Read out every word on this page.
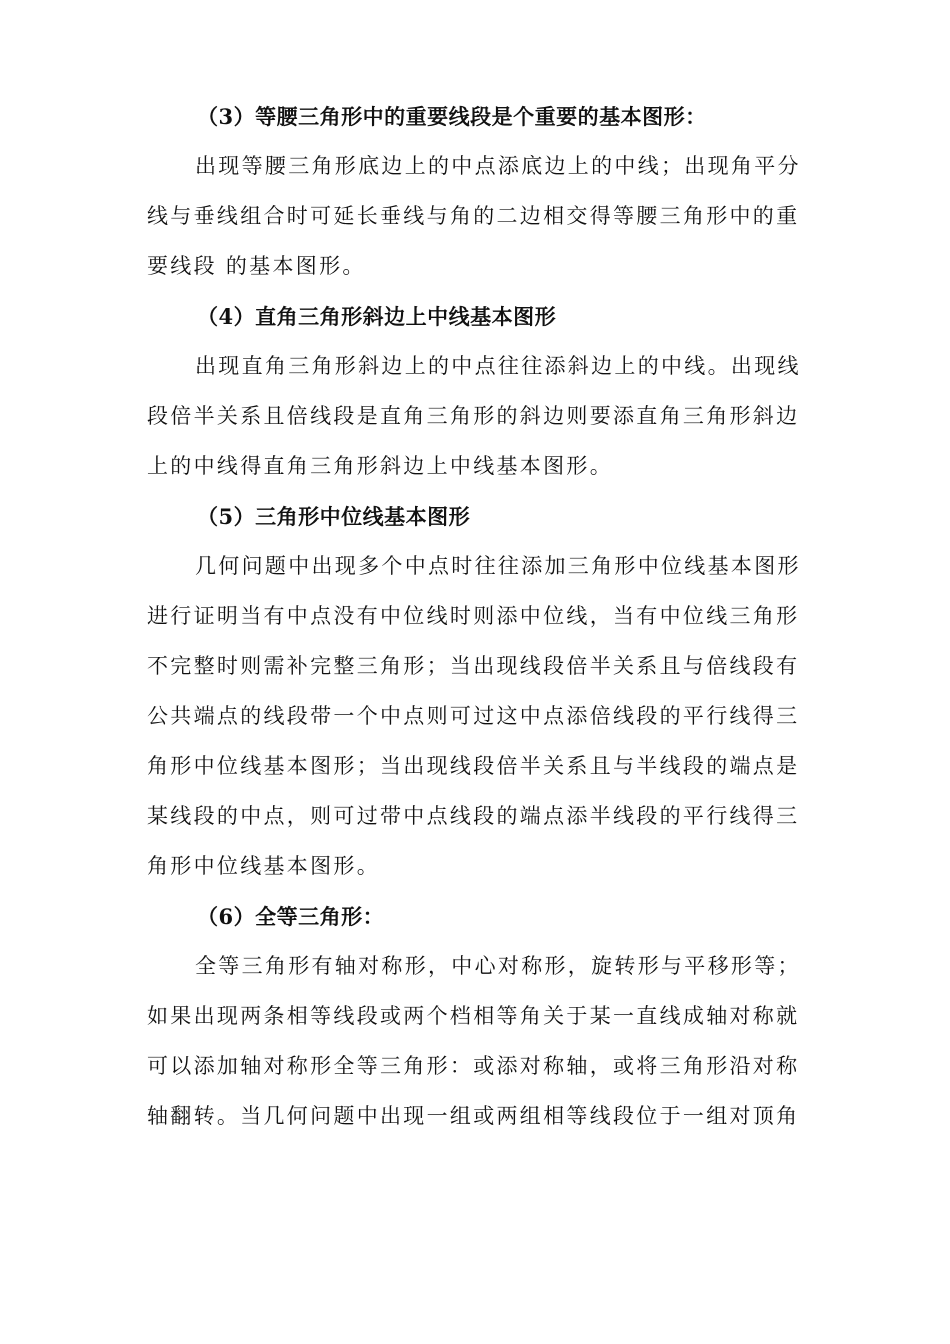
（3）等腰三角形中的重要线段是个重要的基本图形：
出现等腰三角形底边上的中点添底边上的中线；出现角平分
线与垂线组合时可延长垂线与角的二边相交得等腰三角形中的重
要线段 的基本图形。
（4）直角三角形斜边上中线基本图形
出现直角三角形斜边上的中点往往添斜边上的中线。出现线
段倍半关系且倍线段是直角三角形的斜边则要添直角三角形斜边
上的中线得直角三角形斜边上中线基本图形。
（5）三角形中位线基本图形
几何问题中出现多个中点时往往添加三角形中位线基本图形
进行证明当有中点没有中位线时则添中位线，当有中位线三角形
不完整时则需补完整三角形；当出现线段倍半关系且与倍线段有
公共端点的线段带一个中点则可过这中点添倍线段的平行线得三
角形中位线基本图形；当出现线段倍半关系且与半线段的端点是
某线段的中点，则可过带中点线段的端点添半线段的平行线得三
角形中位线基本图形。
（6）全等三角形：
全等三角形有轴对称形，中心对称形，旋转形与平移形等；
如果出现两条相等线段或两个档相等角关于某一直线成轴对称就
可以添加轴对称形全等三角形：或添对称轴，或将三角形沿对称
轴翻转。当几何问题中出现一组或两组相等线段位于一组对顶角
